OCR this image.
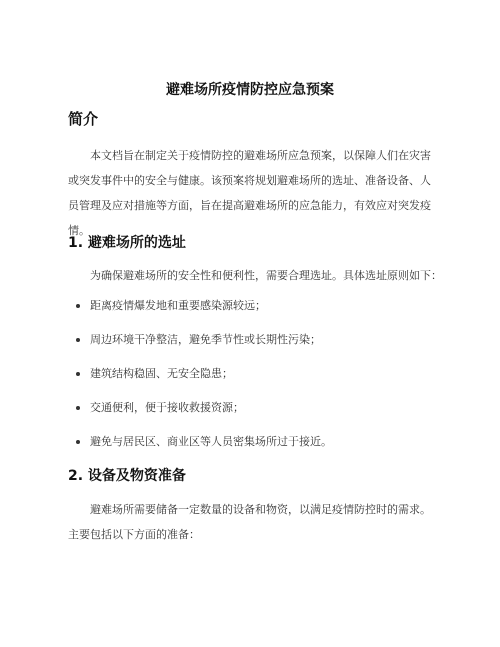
避难场所疫情防控应急预案
简介

本文档旨在制定关于疫情防控的避难场所应急预案，以保障人们在灾害或突发事件中的安全与健康。该预案将规划避难场所的选址、准备设备、人员管理及应对措施等方面，旨在提高避难场所的应急能力，有效应对突发疫情。

1. 避难场所的选址

为确保避难场所的安全性和便利性，需要合理选址。具体选址原则如下：

距离疫情爆发地和重要感染源较远；
周边环境干净整洁，避免季节性或长期性污染；
建筑结构稳固、无安全隐患；
交通便利，便于接收救援资源；
避免与居民区、商业区等人员密集场所过于接近。
2. 设备及物资准备

避难场所需要储备一定数量的设备和物资，以满足疫情防控时的需求。主要包括以下方面的准备：
